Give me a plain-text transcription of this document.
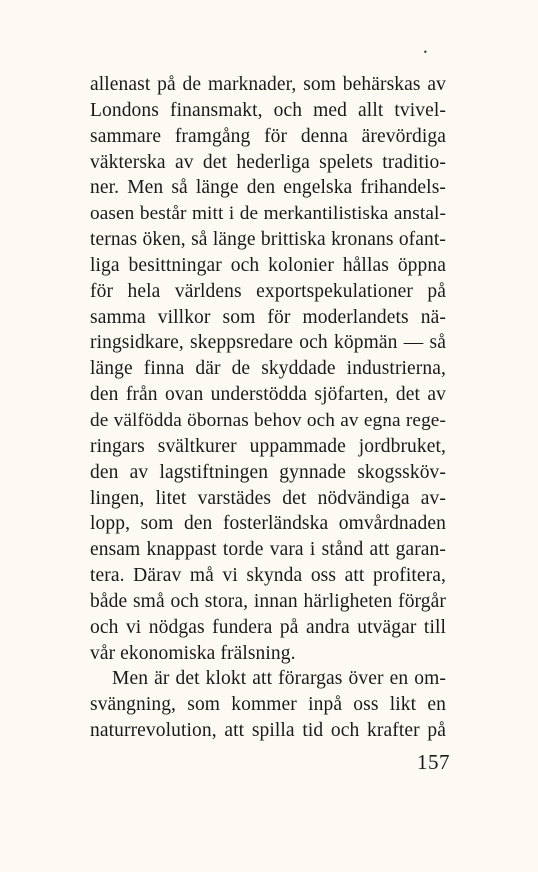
•
allenast på de marknader, som behärskas av
Londons finansmakt, och med allt tvivel-
sammare framgång för denna ärevördiga
väkterska av det hederliga spelets traditio-
ner. Men så länge den engelska frihandels-
oasen består mitt i de merkantilistiska anstal-
ternas öken, så länge brittiska kronans ofant-
liga besittningar och kolonier hållas öppna
för hela världens exportspekulationer på
samma villkor som för moderlandets nä-
ringsidkare, skeppsredare och köpmän — så
länge finna där de skyddade industrierna,
den från ovan understödda sjöfarten, det av
de välfödda öbornas behov och av egna rege-
ringars svältkurer uppammade jordbruket,
den av lagstiftningen gynnade skogssköv-
lingen, litet varstädes det nödvändiga av-
lopp, som den fosterländska omvårdnaden
ensam knappast torde vara i stånd att garan-
tera. Därav må vi skynda oss att profitera,
både små och stora, innan härligheten förgår
och vi nödgas fundera på andra utvägar till
vår ekonomiska frälsning.
Men är det klokt att förargas över en om-
svängning, som kommer inpå oss likt en
naturrevolution, att spilla tid och krafter på
157
